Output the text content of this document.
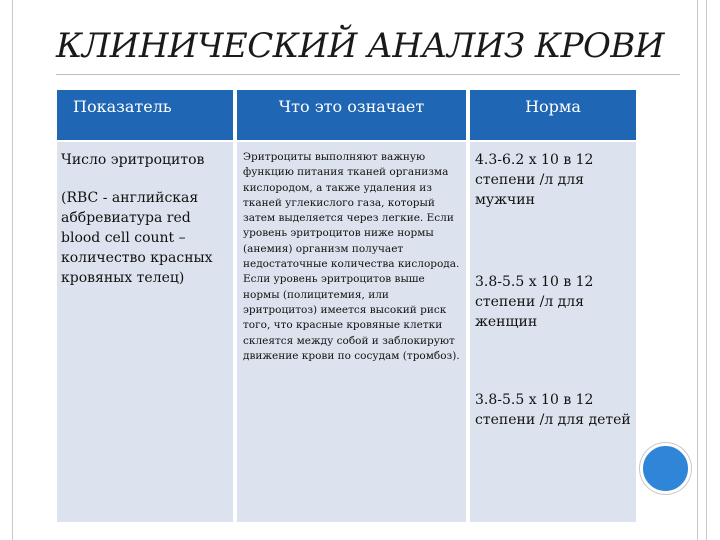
КЛИНИЧЕСКИЙ АНАЛИЗ КРОВИ
Показатель	Что это означает	Норма

Число эритроцитов

(RBC - английская аббревиатура red blood cell count – количество красных кровяных телец)

Эритроциты выполняют важную функцию питания тканей организма кислородом, а также удаления из тканей углекислого газа, который затем выделяется через легкие. Если уровень эритроцитов ниже нормы (анемия) организм получает недостаточные количества кислорода. Если уровень эритроцитов выше нормы (полицитемия, или эритроцитоз) имеется высокий риск того, что красные кровяные клетки склеятся между собой и заблокируют движение крови по сосудам (тромбоз).

4.3-6.2 х 10 в 12 степени /л для мужчин

3.8-5.5 х 10 в 12 степени /л для женщин

3.8-5.5 х 10 в 12 степени /л для детей
